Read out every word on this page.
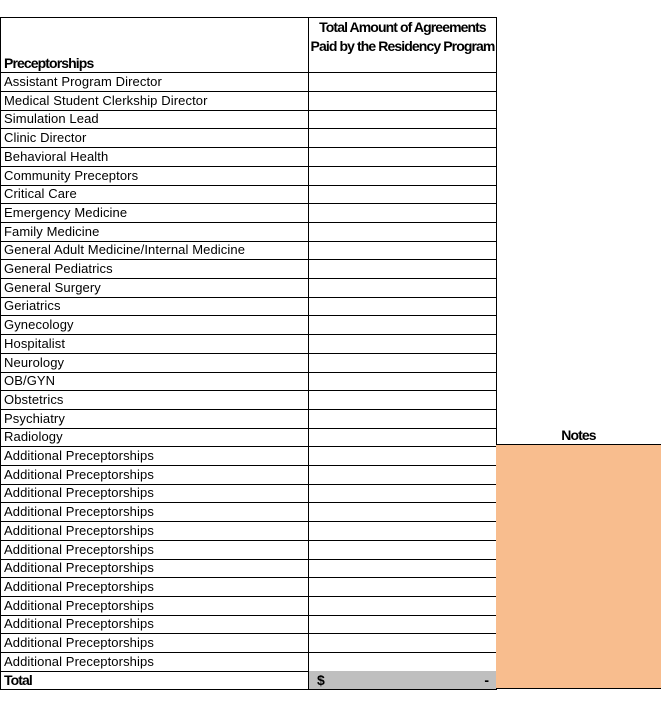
Preceptorships
Total Amount of Agreements Paid by the Residency Program
Assistant Program Director
Medical Student Clerkship Director
Simulation Lead
Clinic Director
Behavioral Health
Community Preceptors
Critical Care
Emergency Medicine
Family Medicine
General Adult Medicine/Internal Medicine
General Pediatrics
General Surgery
Geriatrics
Gynecology
Hospitalist
Neurology
OB/GYN
Obstetrics
Psychiatry
Radiology
Additional Preceptorships
Additional Preceptorships
Additional Preceptorships
Additional Preceptorships
Additional Preceptorships
Additional Preceptorships
Additional Preceptorships
Additional Preceptorships
Additional Preceptorships
Additional Preceptorships
Additional Preceptorships
Additional Preceptorships
Total	$	-
Notes
